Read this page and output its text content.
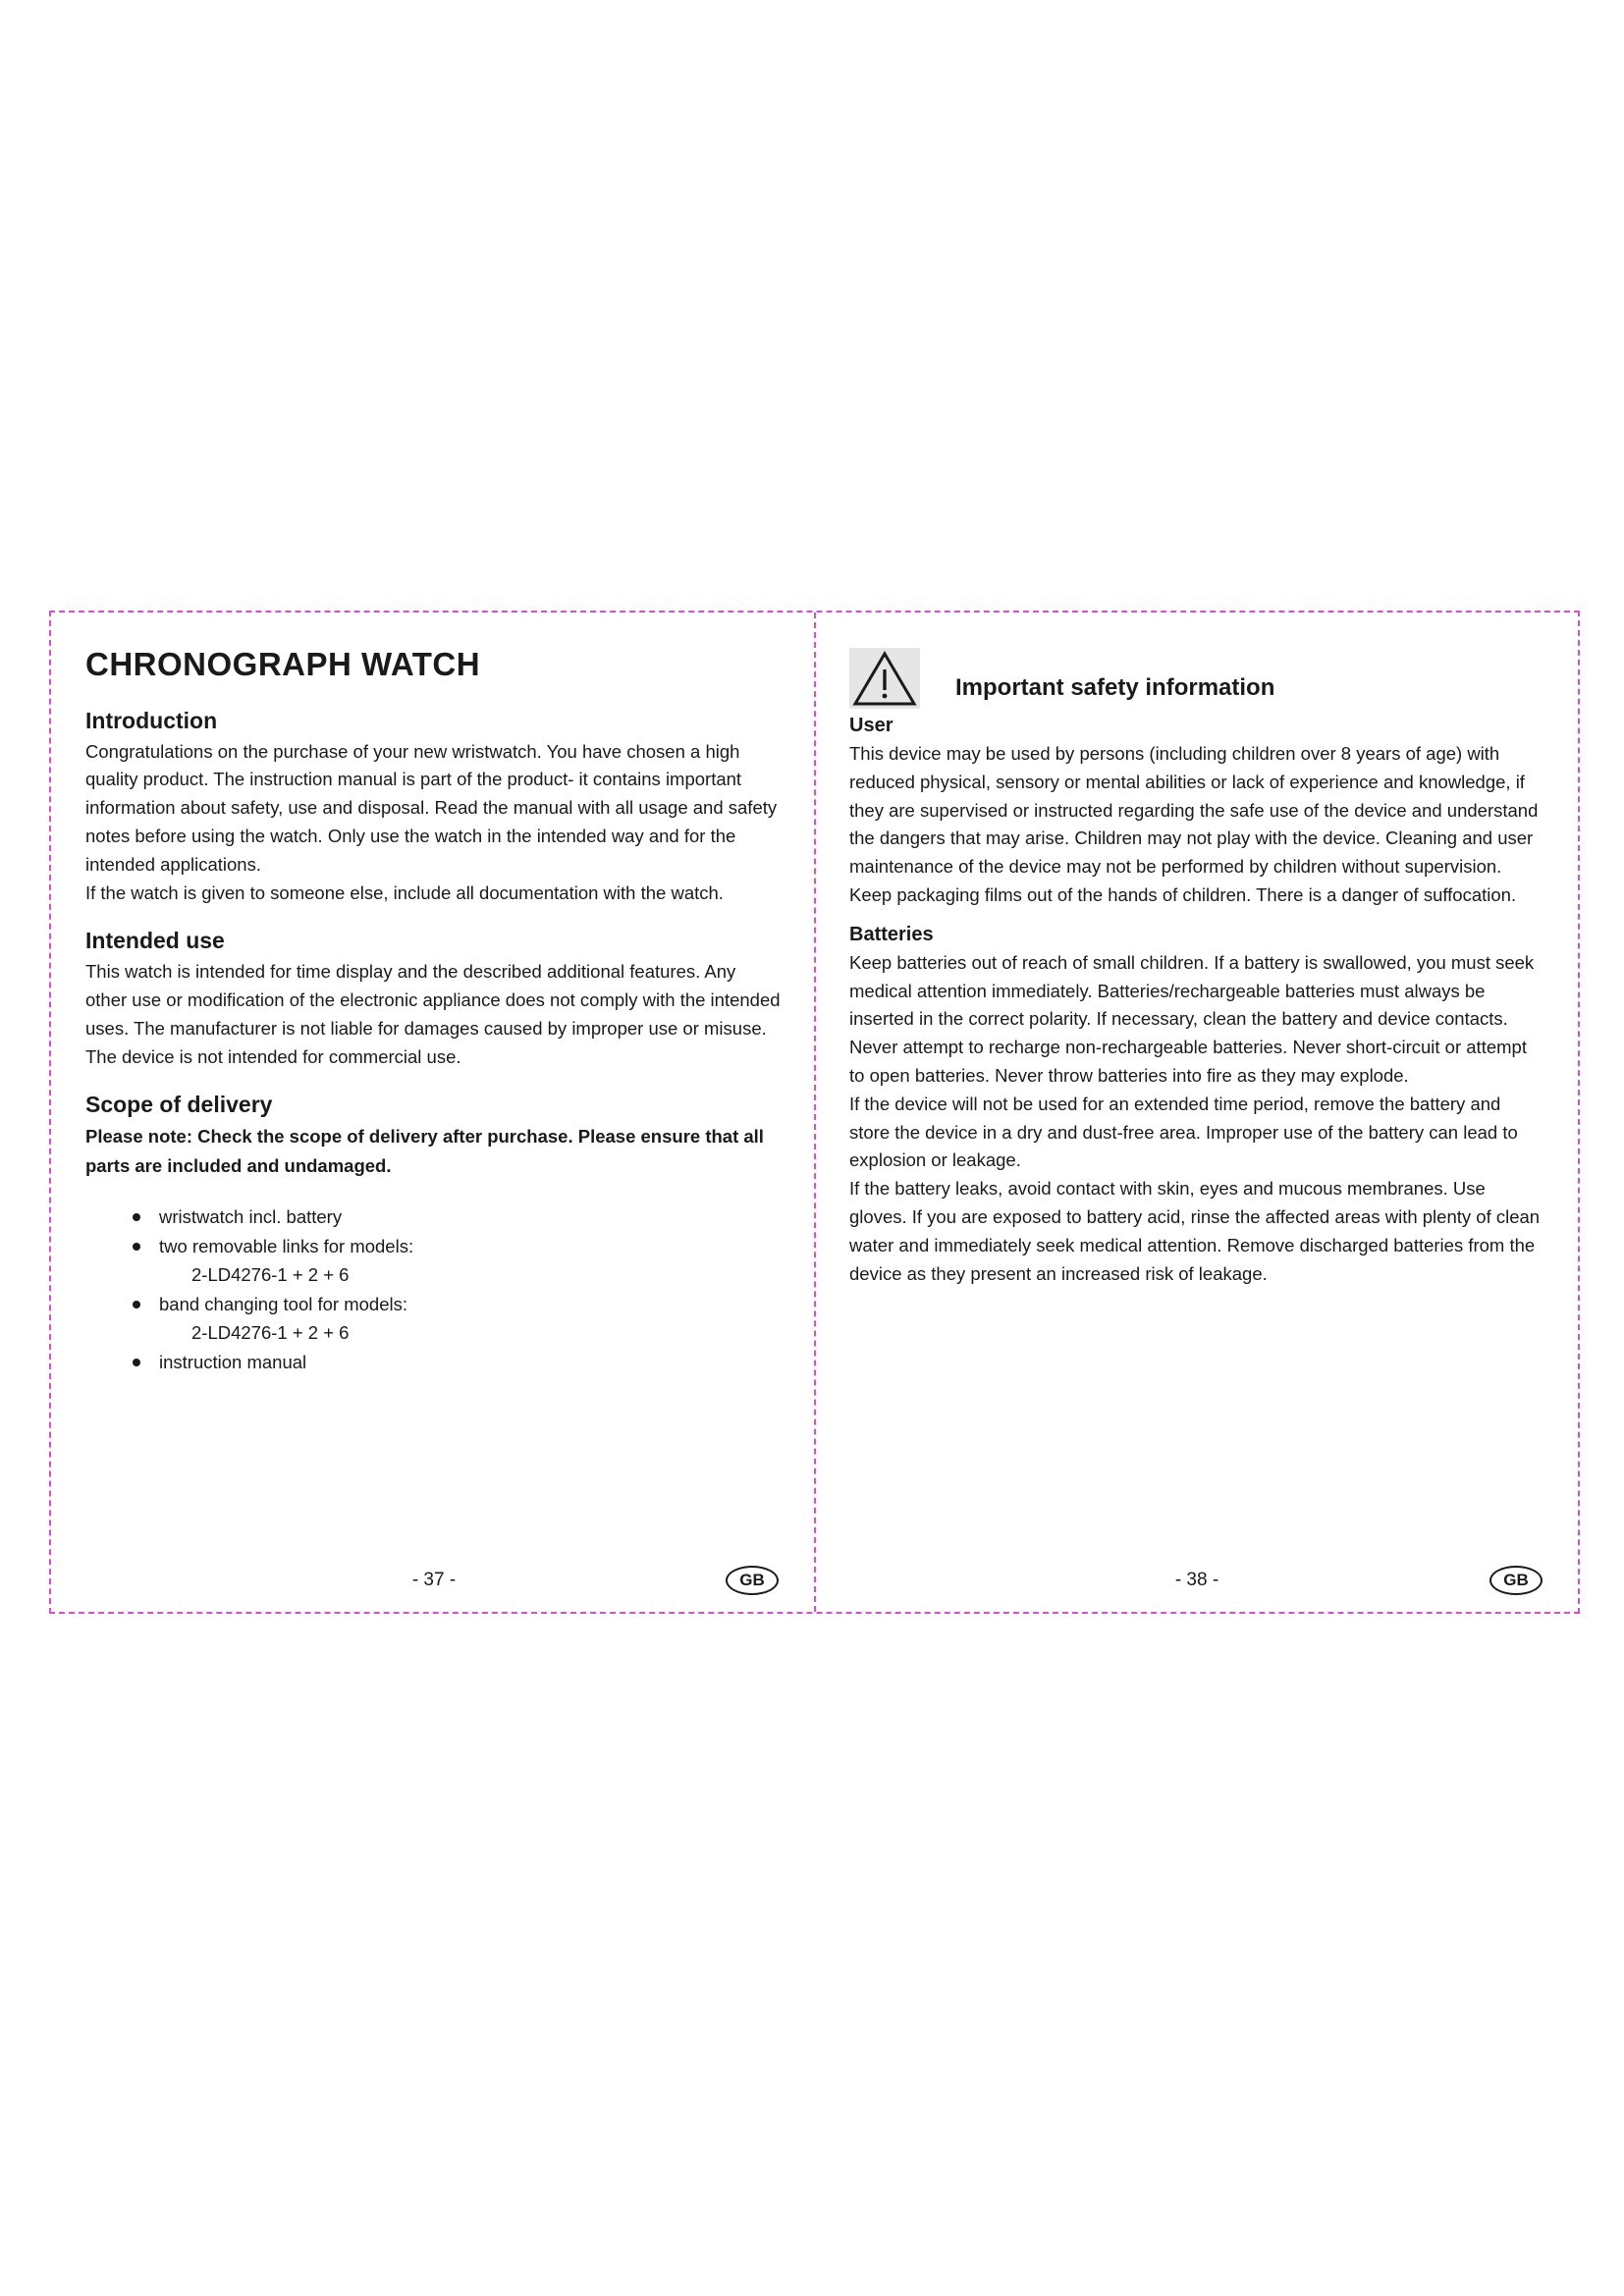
CHRONOGRAPH WATCH
Introduction

Congratulations on the purchase of your new wristwatch. You have chosen a high quality product. The instruction manual is part of the product- it contains important information about safety, use and disposal. Read the manual with all usage and safety notes before using the watch. Only use the watch in the intended way and for the intended applications.

If the watch is given to someone else, include all documentation with the watch.

Intended use

This watch is intended for time display and the described additional features. Any other use or modification of the electronic appliance does not comply with the intended uses. The manufacturer is not liable for damages caused by improper use or misuse. The device is not intended for commercial use.

Scope of delivery

Please note: Check the scope of delivery after purchase. Please ensure that all parts are included and undamaged.

wristwatch incl. battery
two removable links for models:
2-LD4276-1 + 2 + 6
band changing tool for models:
2-LD4276-1 + 2 + 6
instruction manual
- 37 -	GB
Important safety information
User

This device may be used by persons (including children over 8 years of age) with reduced physical, sensory or mental abilities or lack of experience and knowledge, if they are supervised or instructed regarding the safe use of the device and understand the dangers that may arise. Children may not play with the device. Cleaning and user maintenance of the device may not be performed by children without supervision. Keep packaging films out of the hands of children. There is a danger of suffocation.

Batteries

Keep batteries out of reach of small children. If a battery is swallowed, you must seek medical attention immediately. Batteries/rechargeable batteries must always be inserted in the correct polarity. If necessary, clean the battery and device contacts. Never attempt to recharge non-rechargeable batteries. Never short-circuit or attempt to open batteries. Never throw batteries into fire as they may explode.

If the device will not be used for an extended time period, remove the battery and store the device in a dry and dust-free area. Improper use of the battery can lead to explosion or leakage.

If the battery leaks, avoid contact with skin, eyes and mucous membranes. Use gloves. If you are exposed to battery acid, rinse the affected areas with plenty of clean water and immediately seek medical attention. Remove discharged batteries from the device as they present an increased risk of leakage.

- 38 -	GB
